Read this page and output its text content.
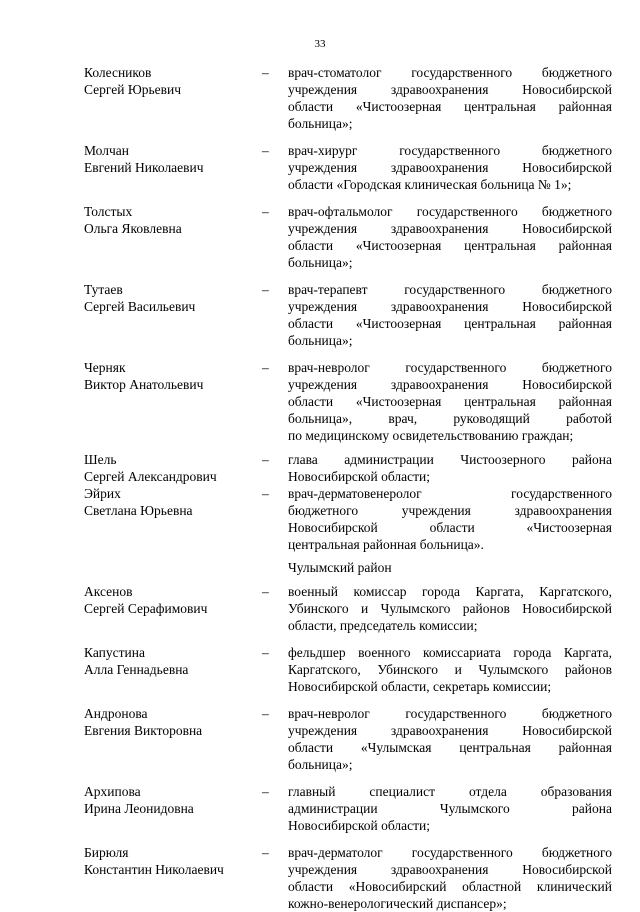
33
Колесников
Сергей Юрьевич
–	врач-стоматолог государственного бюджетного
учреждения здравоохранения Новосибирской
области «Чистоозерная центральная районная
больница»;
Молчан
Евгений Николаевич
–	врач-хирург государственного бюджетного
учреждения здравоохранения Новосибирской
области «Городская клиническая больница № 1»;
Толстых
Ольга Яковлевна
–	врач-офтальмолог государственного бюджетного
учреждения здравоохранения Новосибирской
области «Чистоозерная центральная районная
больница»;
Тутаев
Сергей Васильевич
–	врач-терапевт государственного бюджетного
учреждения здравоохранения Новосибирской
области «Чистоозерная центральная районная
больница»;
Черняк
Виктор Анатольевич
–	врач-невролог государственного бюджетного
учреждения здравоохранения Новосибирской
области «Чистоозерная центральная районная
больница», врач, руководящий работой
по медицинскому освидетельствованию граждан;
Шель
Сергей Александрович
–	глава администрации Чистоозерного района
Новосибирской области;
Эйрих
Светлана Юрьевна
–	врач-дерматовенеролог государственного
бюджетного учреждения здравоохранения
Новосибирской области «Чистоозерная
центральная районная больница».
Чулымский район
Аксенов
Сергей Серафимович
–	военный комиссар города Каргата, Каргатского,
Убинского и Чулымского районов Новосибирской
области, председатель комиссии;
Капустина
Алла Геннадьевна
–	фельдшер военного комиссариата города Каргата,
Каргатского, Убинского и Чулымского районов
Новосибирской области, секретарь комиссии;
Андронова
Евгения Викторовна
–	врач-невролог государственного бюджетного
учреждения здравоохранения Новосибирской
области «Чулымская центральная районная
больница»;
Архипова
Ирина Леонидовна
–	главный специалист отдела образования
администрации Чулымского района
Новосибирской области;
Бирюля
Константин Николаевич
–	врач-дерматолог государственного бюджетного
учреждения здравоохранения Новосибирской
области «Новосибирский областной клинический
кожно-венерологический диспансер»;
